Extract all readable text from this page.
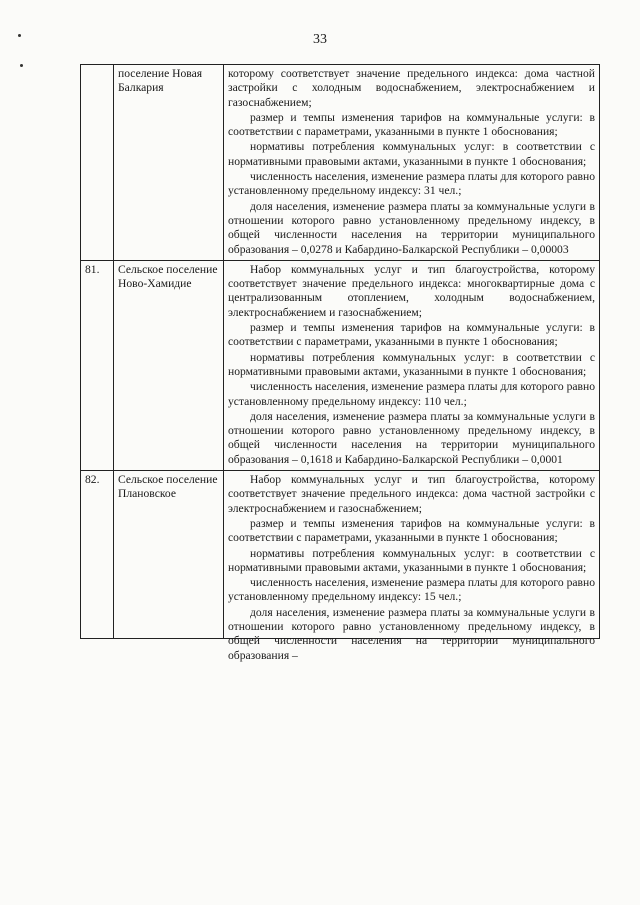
33
	поселение Новая Балкария	которому соответствует значение предельного индекса: дома частной застройки с холодным водоснабжением, электроснабжением и газоснабжением;

размер и темпы изменения тарифов на коммунальные услуги: в соответствии с параметрами, указанными в пункте 1 обоснования;

нормативы потребления коммунальных услуг: в соответствии с нормативными правовыми актами, указанными в пункте 1 обоснования;

численность населения, изменение размера платы для которого равно установленному предельному индексу: 31 чел.;

доля населения, изменение размера платы за коммунальные услуги в отношении которого равно установленному предельному индексу, в общей численности населения на территории муниципального образования – 0,0278 и Кабардино-Балкарской Республики – 0,00003

81.	Сельское поселение Ново-Хамидие	Набор коммунальных услуг и тип благоустройства, которому соответствует значение предельного индекса: многоквартирные дома с централизованным отоплением, холодным водоснабжением, электроснабжением и газоснабжением;

размер и темпы изменения тарифов на коммунальные услуги: в соответствии с параметрами, указанными в пункте 1 обоснования;

нормативы потребления коммунальных услуг: в соответствии с нормативными правовыми актами, указанными в пункте 1 обоснования;

численность населения, изменение размера платы для которого равно установленному предельному индексу: 110 чел.;

доля населения, изменение размера платы за коммунальные услуги в отношении которого равно установленному предельному индексу, в общей численности населения на территории муниципального образования – 0,1618 и Кабардино-Балкарской Республики – 0,0001

82.	Сельское поселение Плановское	Набор коммунальных услуг и тип благоустройства, которому соответствует значение предельного индекса: дома частной застройки с электроснабжением и газоснабжением;

размер и темпы изменения тарифов на коммунальные услуги: в соответствии с параметрами, указанными в пункте 1 обоснования;

нормативы потребления коммунальных услуг: в соответствии с нормативными правовыми актами, указанными в пункте 1 обоснования;

численность населения, изменение размера платы для которого равно установленному предельному индексу: 15 чел.;

доля населения, изменение размера платы за коммунальные услуги в отношении которого равно установленному предельному индексу, в общей численности населения на территории муниципального образования –
